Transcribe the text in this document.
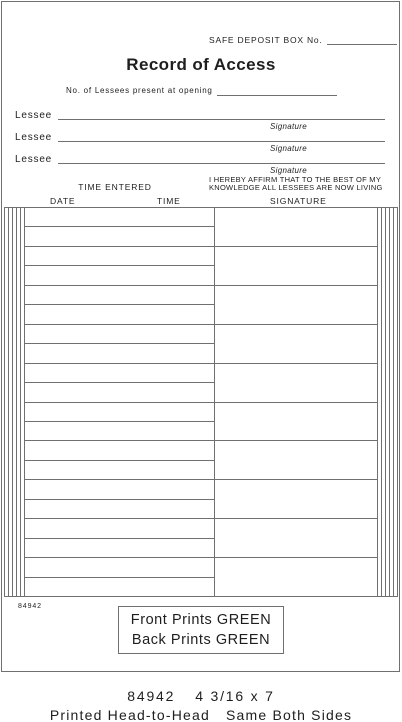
SAFE DEPOSIT BOX No.
Record of Access
No. of Lessees present at opening
Lessee
Signature
Lessee
Signature
Lessee
Signature
I HEREBY AFFIRM THAT TO THE BEST OF MY
KNOWLEDGE ALL LESSEES ARE NOW LIVING
TIME ENTERED
DATE	TIME	SIGNATURE
84942
Front Prints GREEN
Back Prints GREEN
84942 4 3/16 x 7
Printed Head-to-Head Same Both Sides
